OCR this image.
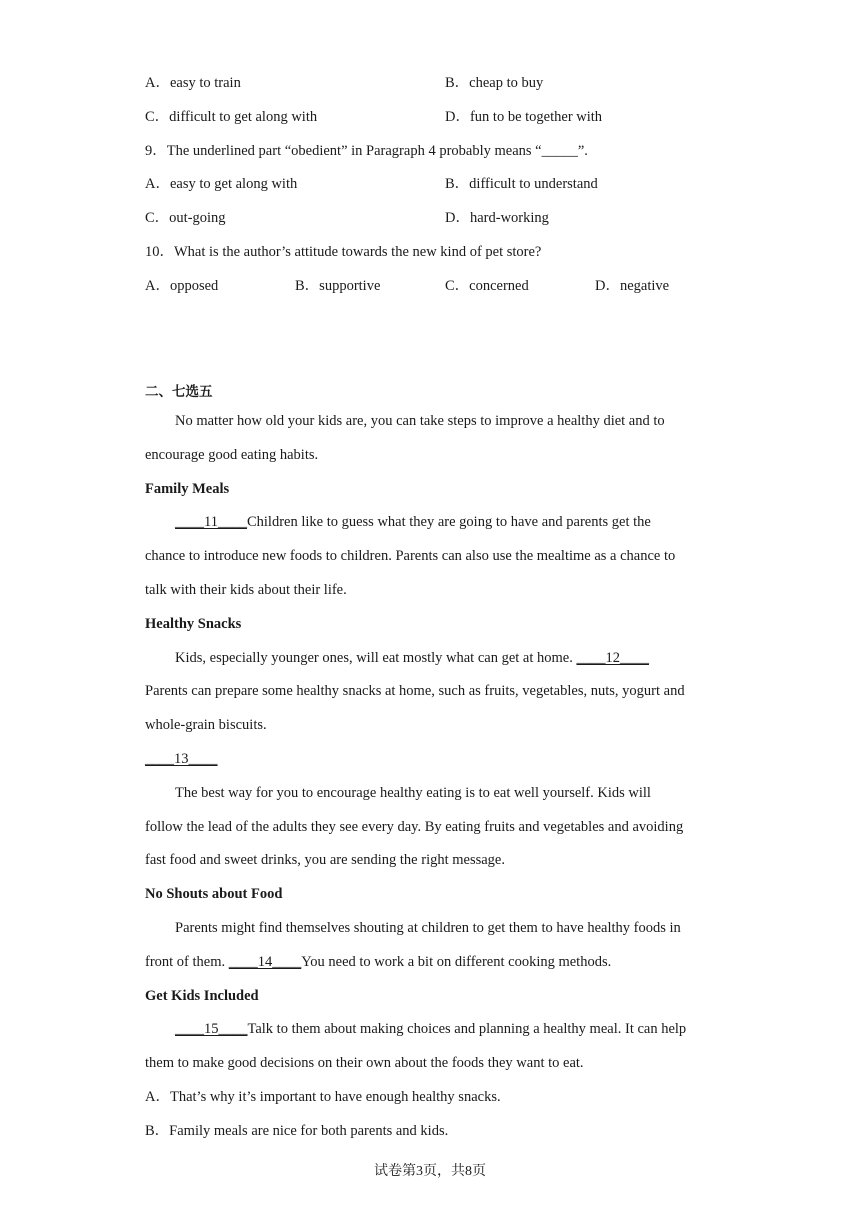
A．easy to train	B．cheap to buy
C．difficult to get along with	D．fun to be together with
9．The underlined part “obedient” in Paragraph 4 probably means “_____”.
A．easy to get along with	B．difficult to understand
C．out-going	D．hard-working
10．What is the author’s attitude towards the new kind of pet store?
A．opposed	B．supportive	C．concerned	D．negative
二、七选五
No matter how old your kids are, you can take steps to improve a healthy diet and to
encourage good eating habits.
Family Meals
____11____Children like to guess what they are going to have and parents get the
chance to introduce new foods to children. Parents can also use the mealtime as a chance to
talk with their kids about their life.
Healthy Snacks
Kids, especially younger ones, will eat mostly what can get at home. ____12____
Parents can prepare some healthy snacks at home, such as fruits, vegetables, nuts, yogurt and
whole-grain biscuits.
____13____
The best way for you to encourage healthy eating is to eat well yourself. Kids will
follow the lead of the adults they see every day. By eating fruits and vegetables and avoiding
fast food and sweet drinks, you are sending the right message.
No Shouts about Food
Parents might find themselves shouting at children to get them to have healthy foods in
front of them. ____14____You need to work a bit on different cooking methods.
Get Kids Included
____15____Talk to them about making choices and planning a healthy meal. It can help
them to make good decisions on their own about the foods they want to eat.
A．That’s why it’s important to have enough healthy snacks.
B．Family meals are nice for both parents and kids.
试卷第3页，共8页
